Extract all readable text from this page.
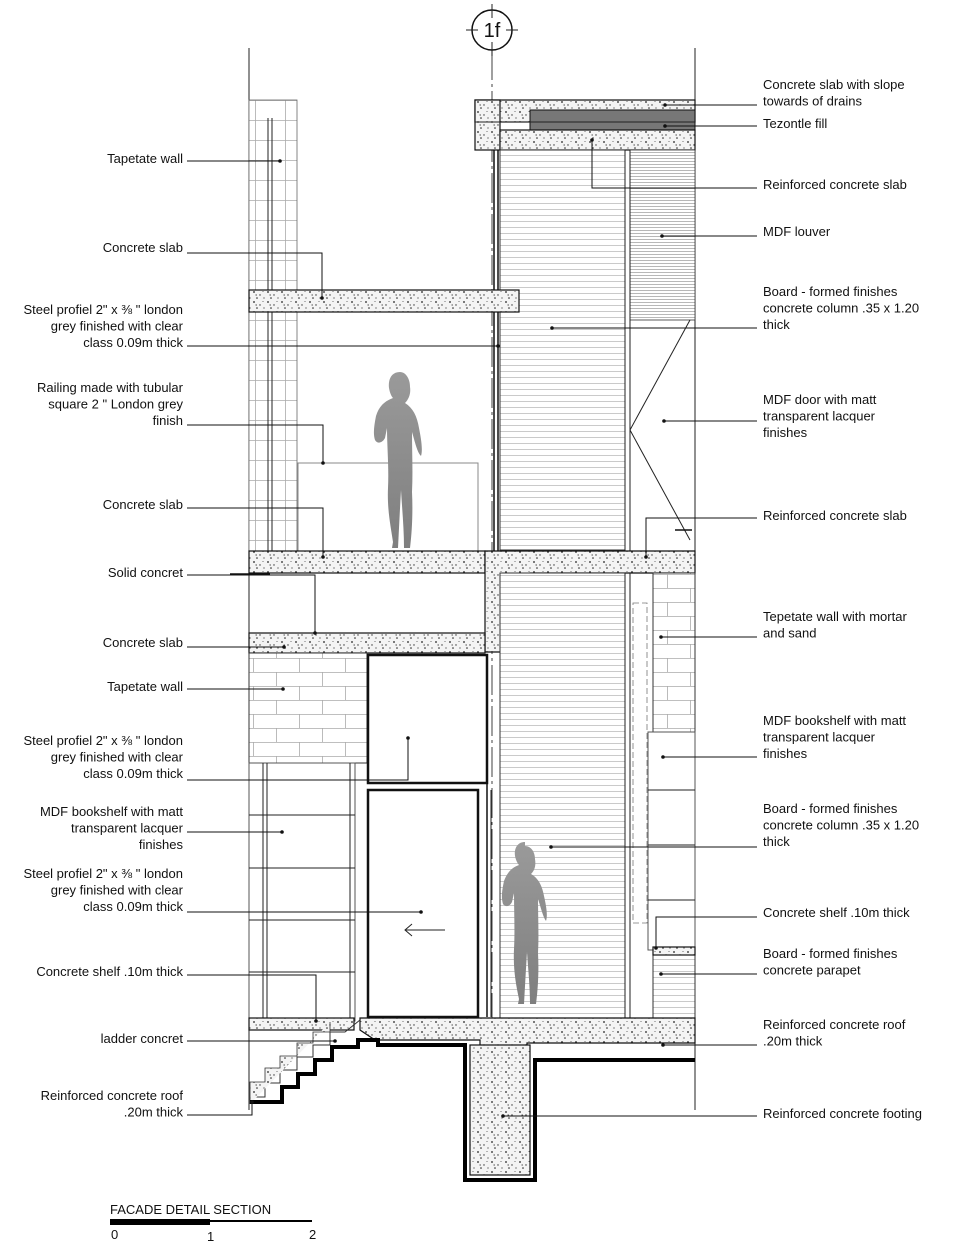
1f
Tapetate wall
Concrete slab
Steel profiel 2" x ⅜ " london grey finished with clear class 0.09m thick
Railing made with tubular square 2 " London grey finish
Concrete slab
Solid concret
Concrete slab
Tapetate wall
Steel profiel 2" x ⅜ " london grey finished with clear class 0.09m thick
MDF bookshelf with matt transparent lacquer finishes
Steel profiel 2" x ⅜ " london grey finished with clear class 0.09m thick
Concrete shelf .10m thick
ladder concret
Reinforced concrete roof .20m thick
Concrete slab with slope towards of drains
Tezontle fill
Reinforced concrete slab
MDF louver
Board - formed finishes concrete column .35 x 1.20 thick
MDF door with matt transparent lacquer finishes
Reinforced concrete slab
Tepetate wall with mortar and sand
MDF bookshelf with matt transparent lacquer finishes
Board - formed finishes concrete column .35 x 1.20 thick
Concrete shelf .10m thick
Board - formed finishes concrete parapet
Reinforced concrete roof .20m thick
Reinforced concrete footing
FACADE DETAIL SECTION
0	1	2
